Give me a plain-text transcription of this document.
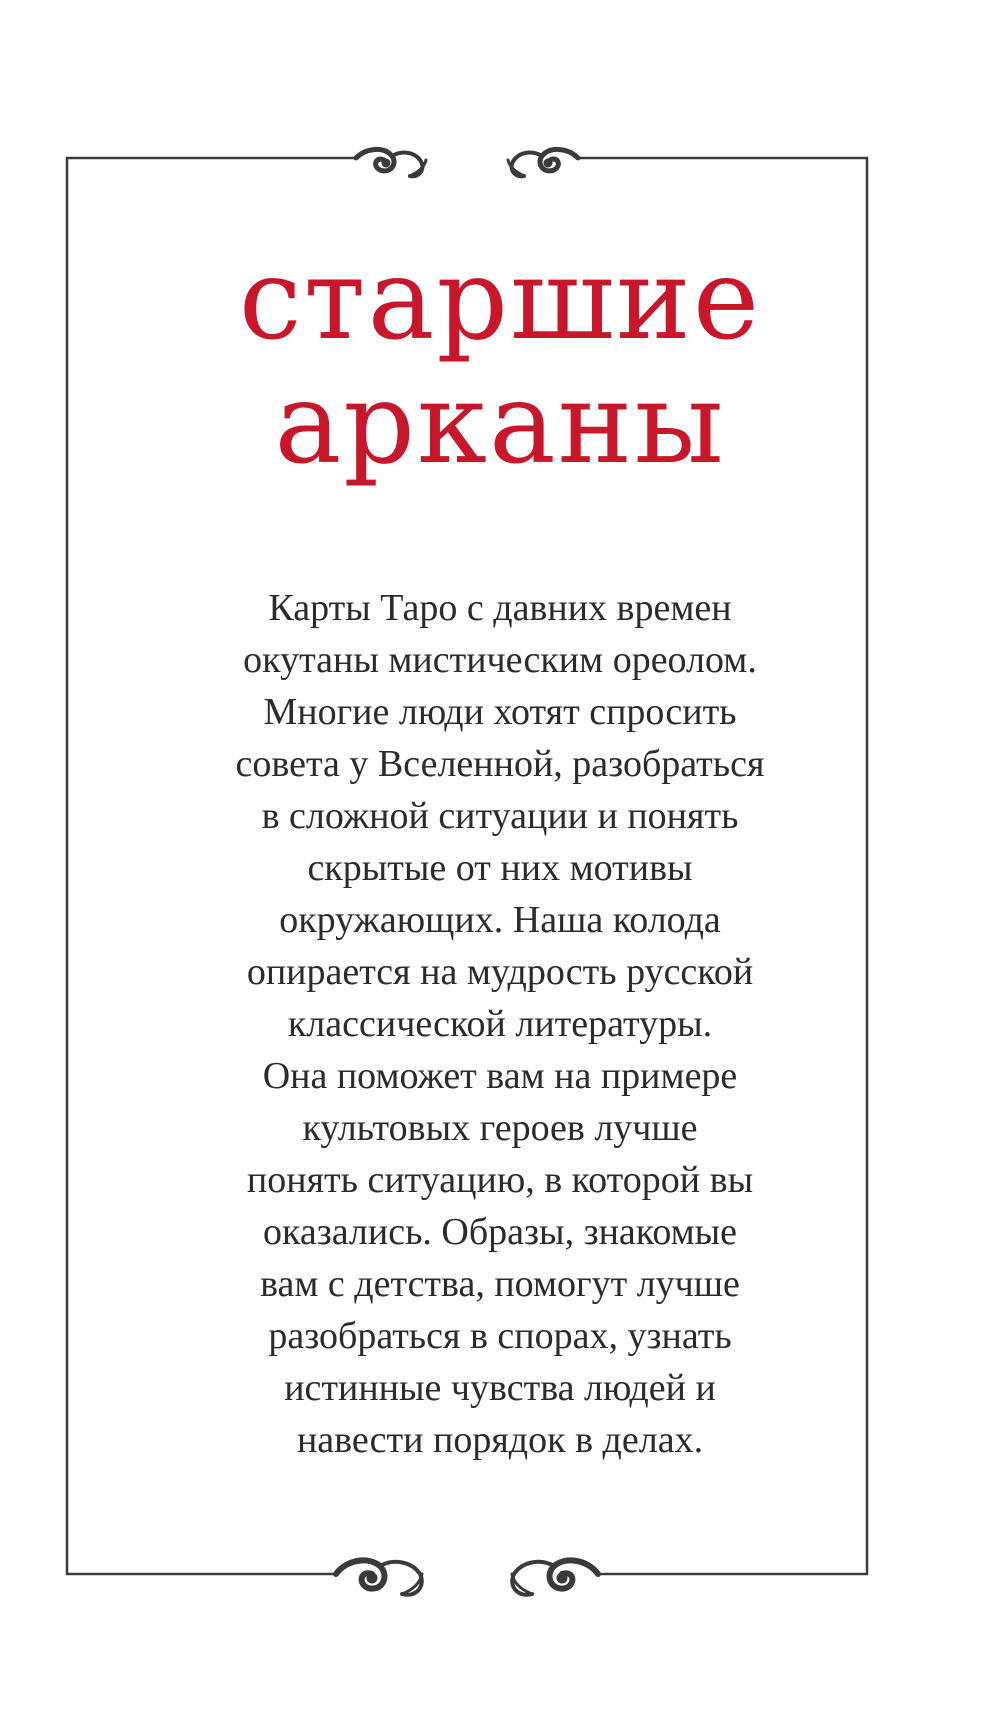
старшие
арканы
Карты Таро с давних времен
окутаны мистическим ореолом.
Многие люди хотят спросить
совета у Вселенной, разобраться
в сложной ситуации и понять
скрытые от них мотивы
окружающих. Наша колода
опирается на мудрость русской
классической литературы.
Она поможет вам на примере
культовых героев лучше
понять ситуацию, в которой вы
оказались. Образы, знакомые
вам с детства, помогут лучше
разобраться в спорах, узнать
истинные чувства людей и
навести порядок в делах.
